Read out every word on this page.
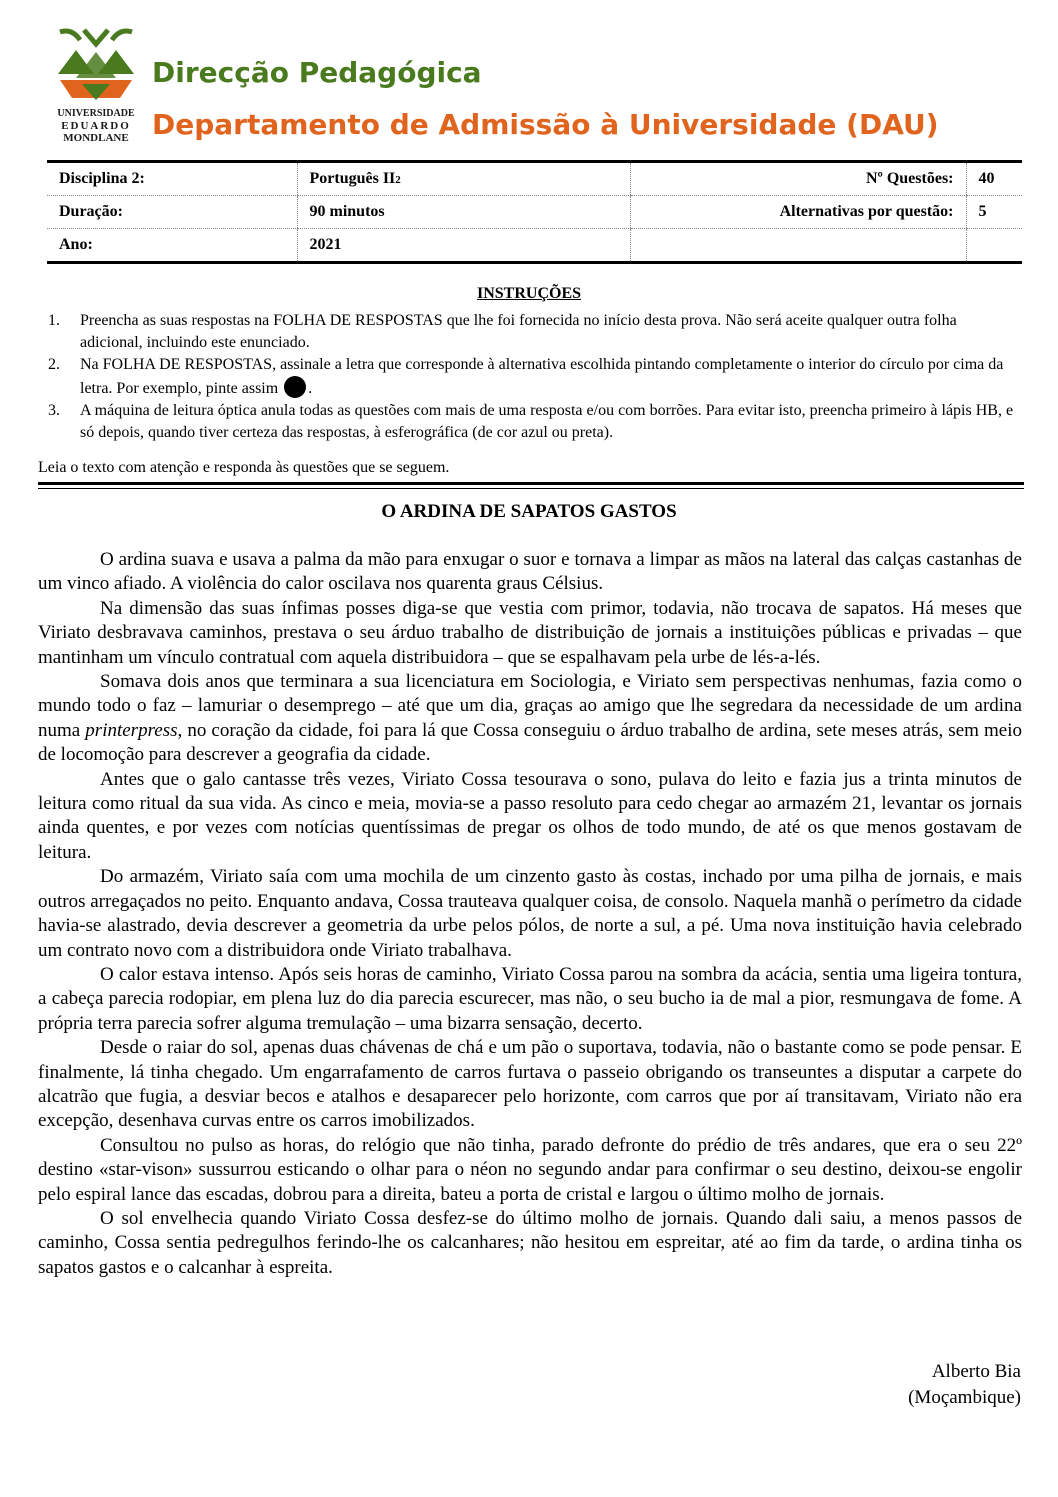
UNIVERSIDADE
EDUARDO
MONDLANE
Direcção Pedagógica
Departamento de Admissão à Universidade (DAU)
Disciplina 2:	Português II2	Nº Questões:	40
Duração:	90 minutos	Alternativas por questão:	5
Ano:	2021		
INSTRUÇÕES
1. Preencha as suas respostas na FOLHA DE RESPOSTAS que lhe foi fornecida no início desta prova. Não será aceite qualquer outra folha adicional, incluindo este enunciado.
2. Na FOLHA DE RESPOSTAS, assinale a letra que corresponde à alternativa escolhida pintando completamente o interior do círculo por cima da letra. Por exemplo, pinte assim .
3. A máquina de leitura óptica anula todas as questões com mais de uma resposta e/ou com borrões. Para evitar isto, preencha primeiro à lápis HB, e só depois, quando tiver certeza das respostas, à esferográfica (de cor azul ou preta).
Leia o texto com atenção e responda às questões que se seguem.
O ARDINA DE SAPATOS GASTOS

O ardina suava e usava a palma da mão para enxugar o suor e tornava a limpar as mãos na lateral das calças castanhas de um vinco afiado. A violência do calor oscilava nos quarenta graus Célsius.

Na dimensão das suas ínfimas posses diga-se que vestia com primor, todavia, não trocava de sapatos. Há meses que Viriato desbravava caminhos, prestava o seu árduo trabalho de distribuição de jornais a instituições públicas e privadas – que mantinham um vínculo contratual com aquela distribuidora – que se espalhavam pela urbe de lés-a-lés.

Somava dois anos que terminara a sua licenciatura em Sociologia, e Viriato sem perspectivas nenhumas, fazia como o mundo todo o faz – lamuriar o desemprego – até que um dia, graças ao amigo que lhe segredara da necessidade de um ardina numa printerpress, no coração da cidade, foi para lá que Cossa conseguiu o árduo trabalho de ardina, sete meses atrás, sem meio de locomoção para descrever a geografia da cidade.

Antes que o galo cantasse três vezes, Viriato Cossa tesourava o sono, pulava do leito e fazia jus a trinta minutos de leitura como ritual da sua vida. As cinco e meia, movia-se a passo resoluto para cedo chegar ao armazém 21, levantar os jornais ainda quentes, e por vezes com notícias quentíssimas de pregar os olhos de todo mundo, de até os que menos gostavam de leitura.

Do armazém, Viriato saía com uma mochila de um cinzento gasto às costas, inchado por uma pilha de jornais, e mais outros arregaçados no peito. Enquanto andava, Cossa trauteava qualquer coisa, de consolo. Naquela manhã o perímetro da cidade havia-se alastrado, devia descrever a geometria da urbe pelos pólos, de norte a sul, a pé. Uma nova instituição havia celebrado um contrato novo com a distribuidora onde Viriato trabalhava.

O calor estava intenso. Após seis horas de caminho, Viriato Cossa parou na sombra da acácia, sentia uma ligeira tontura, a cabeça parecia rodopiar, em plena luz do dia parecia escurecer, mas não, o seu bucho ia de mal a pior, resmungava de fome. A própria terra parecia sofrer alguma tremulação – uma bizarra sensação, decerto.

Desde o raiar do sol, apenas duas chávenas de chá e um pão o suportava, todavia, não o bastante como se pode pensar. E finalmente, lá tinha chegado. Um engarrafamento de carros furtava o passeio obrigando os transeuntes a disputar a carpete do alcatrão que fugia, a desviar becos e atalhos e desaparecer pelo horizonte, com carros que por aí transitavam, Viriato não era excepção, desenhava curvas entre os carros imobilizados.

Consultou no pulso as horas, do relógio que não tinha, parado defronte do prédio de três andares, que era o seu 22º destino «star-vison» sussurrou esticando o olhar para o néon no segundo andar para confirmar o seu destino, deixou-se engolir pelo espiral lance das escadas, dobrou para a direita, bateu a porta de cristal e largou o último molho de jornais.

O sol envelhecia quando Viriato Cossa desfez-se do último molho de jornais. Quando dali saiu, a menos passos de caminho, Cossa sentia pedregulhos ferindo-lhe os calcanhares; não hesitou em espreitar, até ao fim da tarde, o ardina tinha os sapatos gastos e o calcanhar à espreita.

Alberto Bia
(Moçambique)
